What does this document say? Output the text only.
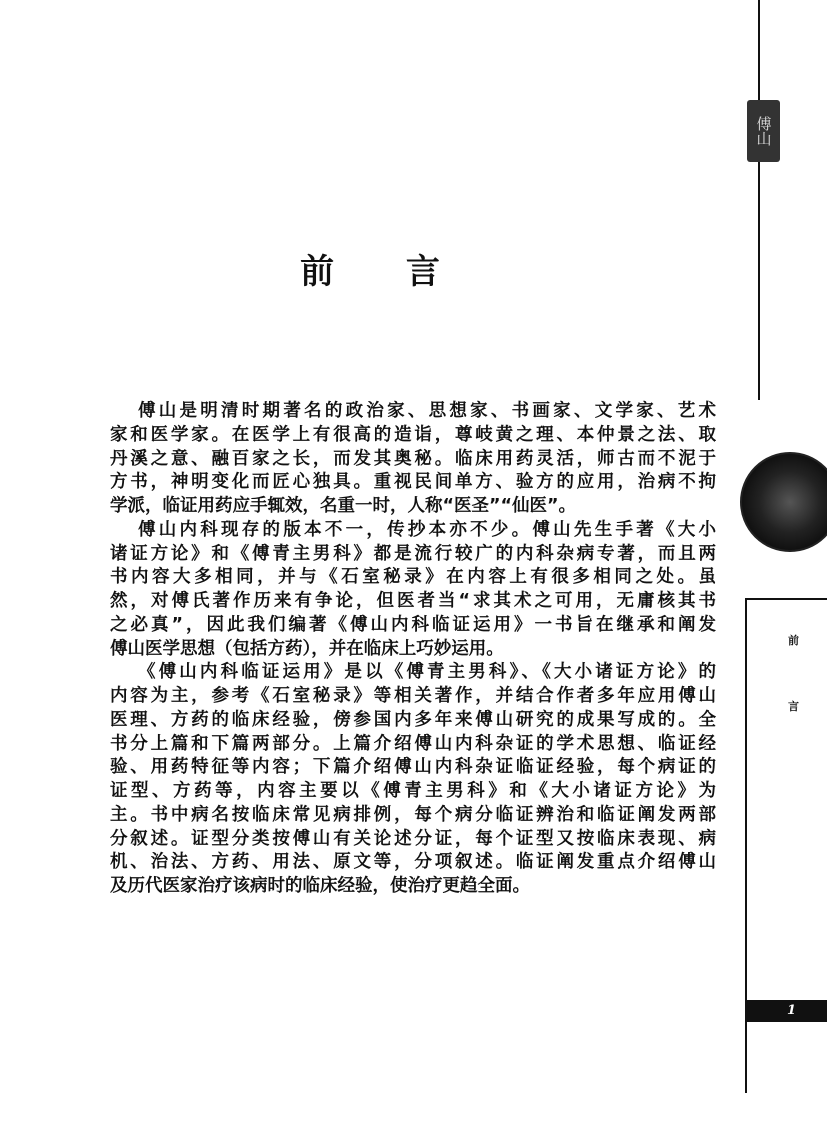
前 言
傅山是明清时期著名的政治家、思想家、书画家、文学家、艺术
家和医学家。在医学上有很高的造诣，尊岐黄之理、本仲景之法、取
丹溪之意、融百家之长，而发其奥秘。临床用药灵活，师古而不泥于
方书，神明变化而匠心独具。重视民间单方、验方的应用，治病不拘
学派，临证用药应手辄效，名重一时，人称“医圣”“仙医”。
傅山内科现存的版本不一，传抄本亦不少。傅山先生手著《大小
诸证方论》和《傅青主男科》都是流行较广的内科杂病专著，而且两
书内容大多相同，并与《石室秘录》在内容上有很多相同之处。虽
然，对傅氏著作历来有争论，但医者当“求其术之可用，无庸核其书
之必真”，因此我们编著《傅山内科临证运用》一书旨在继承和阐发
傅山医学思想（包括方药），并在临床上巧妙运用。
《傅山内科临证运用》是以《傅青主男科》、《大小诸证方论》的
内容为主，参考《石室秘录》等相关著作，并结合作者多年应用傅山
医理、方药的临床经验，傍参国内多年来傅山研究的成果写成的。全
书分上篇和下篇两部分。上篇介绍傅山内科杂证的学术思想、临证经
验、用药特征等内容；下篇介绍傅山内科杂证临证经验，每个病证的
证型、方药等，内容主要以《傅青主男科》和《大小诸证方论》为
主。书中病名按临床常见病排例，每个病分临证辨治和临证阐发两部
分叙述。证型分类按傅山有关论述分证，每个证型又按临床表现、病
机、治法、方药、用法、原文等，分项叙述。临证阐发重点介绍傅山
及历代医家治疗该病时的临床经验，使治疗更趋全面。
傅山
前
言
1
